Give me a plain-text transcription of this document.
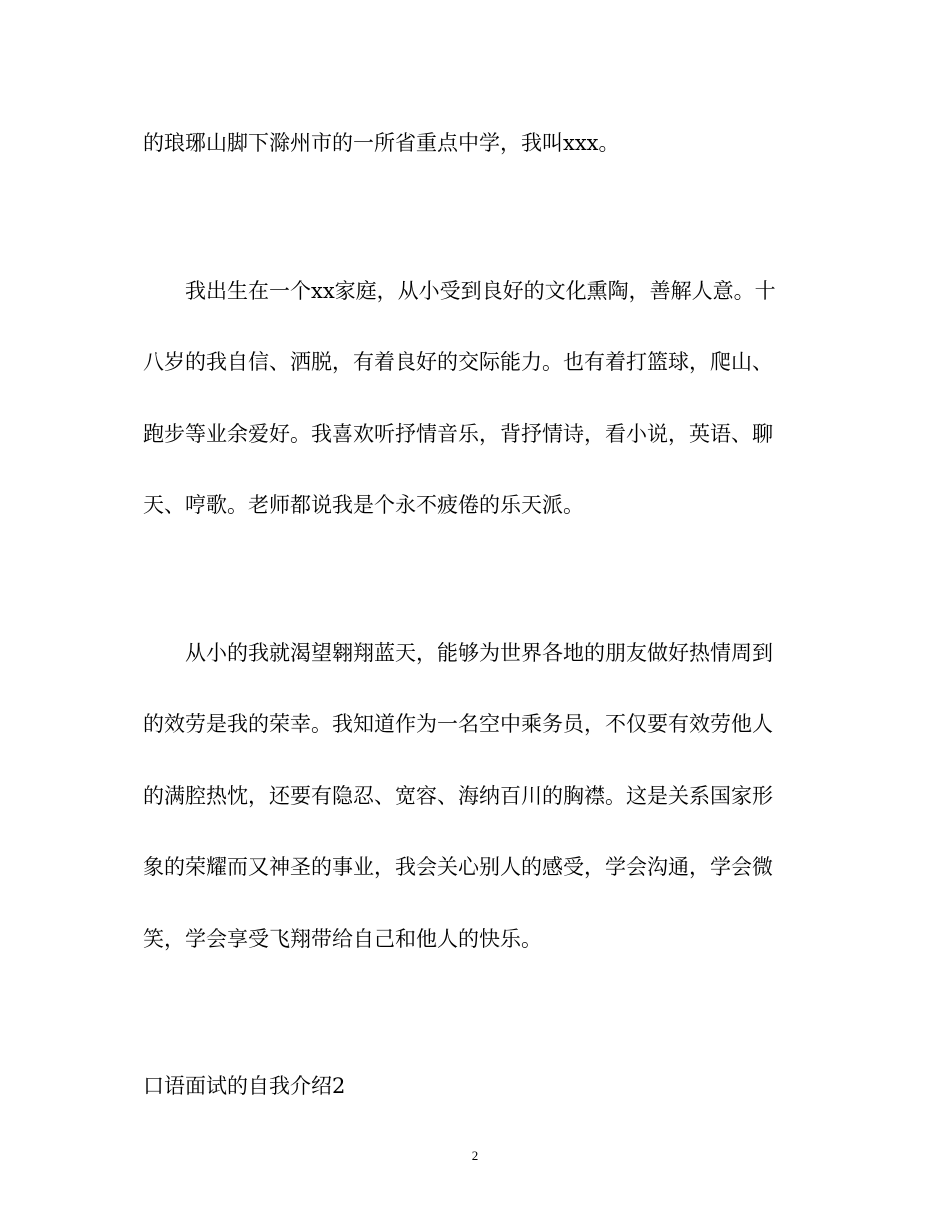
的琅琊山脚下滁州市的一所省重点中学，我叫xxx。

我出生在一个xx家庭，从小受到良好的文化熏陶，善解人意。十

八岁的我自信、洒脱，有着良好的交际能力。也有着打篮球，爬山、

跑步等业余爱好。我喜欢听抒情音乐，背抒情诗，看小说，英语、聊

天、哼歌。老师都说我是个永不疲倦的乐天派。

从小的我就渴望翱翔蓝天，能够为世界各地的朋友做好热情周到

的效劳是我的荣幸。我知道作为一名空中乘务员，不仅要有效劳他人

的满腔热忱，还要有隐忍、宽容、海纳百川的胸襟。这是关系国家形

象的荣耀而又神圣的事业，我会关心别人的感受，学会沟通，学会微

笑，学会享受飞翔带给自己和他人的快乐。

口语面试的自我介绍2

2
